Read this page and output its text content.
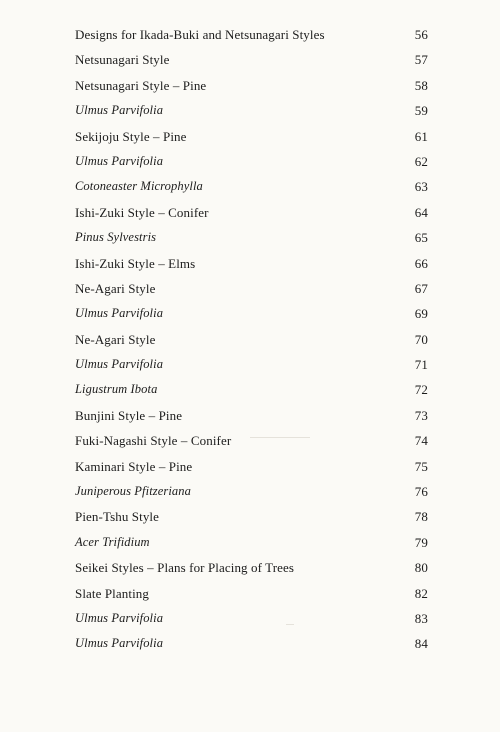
Designs for Ikada-Buki and Netsunagari Styles	56
Netsunagari Style	57
Netsunagari Style – Pine	58
Ulmus Parvifolia	59
Sekijoju Style – Pine	61
Ulmus Parvifolia	62
Cotoneaster Microphylla	63
Ishi-Zuki Style – Conifer	64
Pinus Sylvestris	65
Ishi-Zuki Style – Elms	66
Ne-Agari Style	67
Ulmus Parvifolia	69
Ne-Agari Style	70
Ulmus Parvifolia	71
Ligustrum Ibota	72
Bunjini Style – Pine	73
Fuki-Nagashi Style – Conifer	74
Kaminari Style – Pine	75
Juniperous Pfitzeriana	76
Pien-Tshu Style	78
Acer Trifidium	79
Seikei Styles – Plans for Placing of Trees	80
Slate Planting	82
Ulmus Parvifolia	83
Ulmus Parvifolia	84
